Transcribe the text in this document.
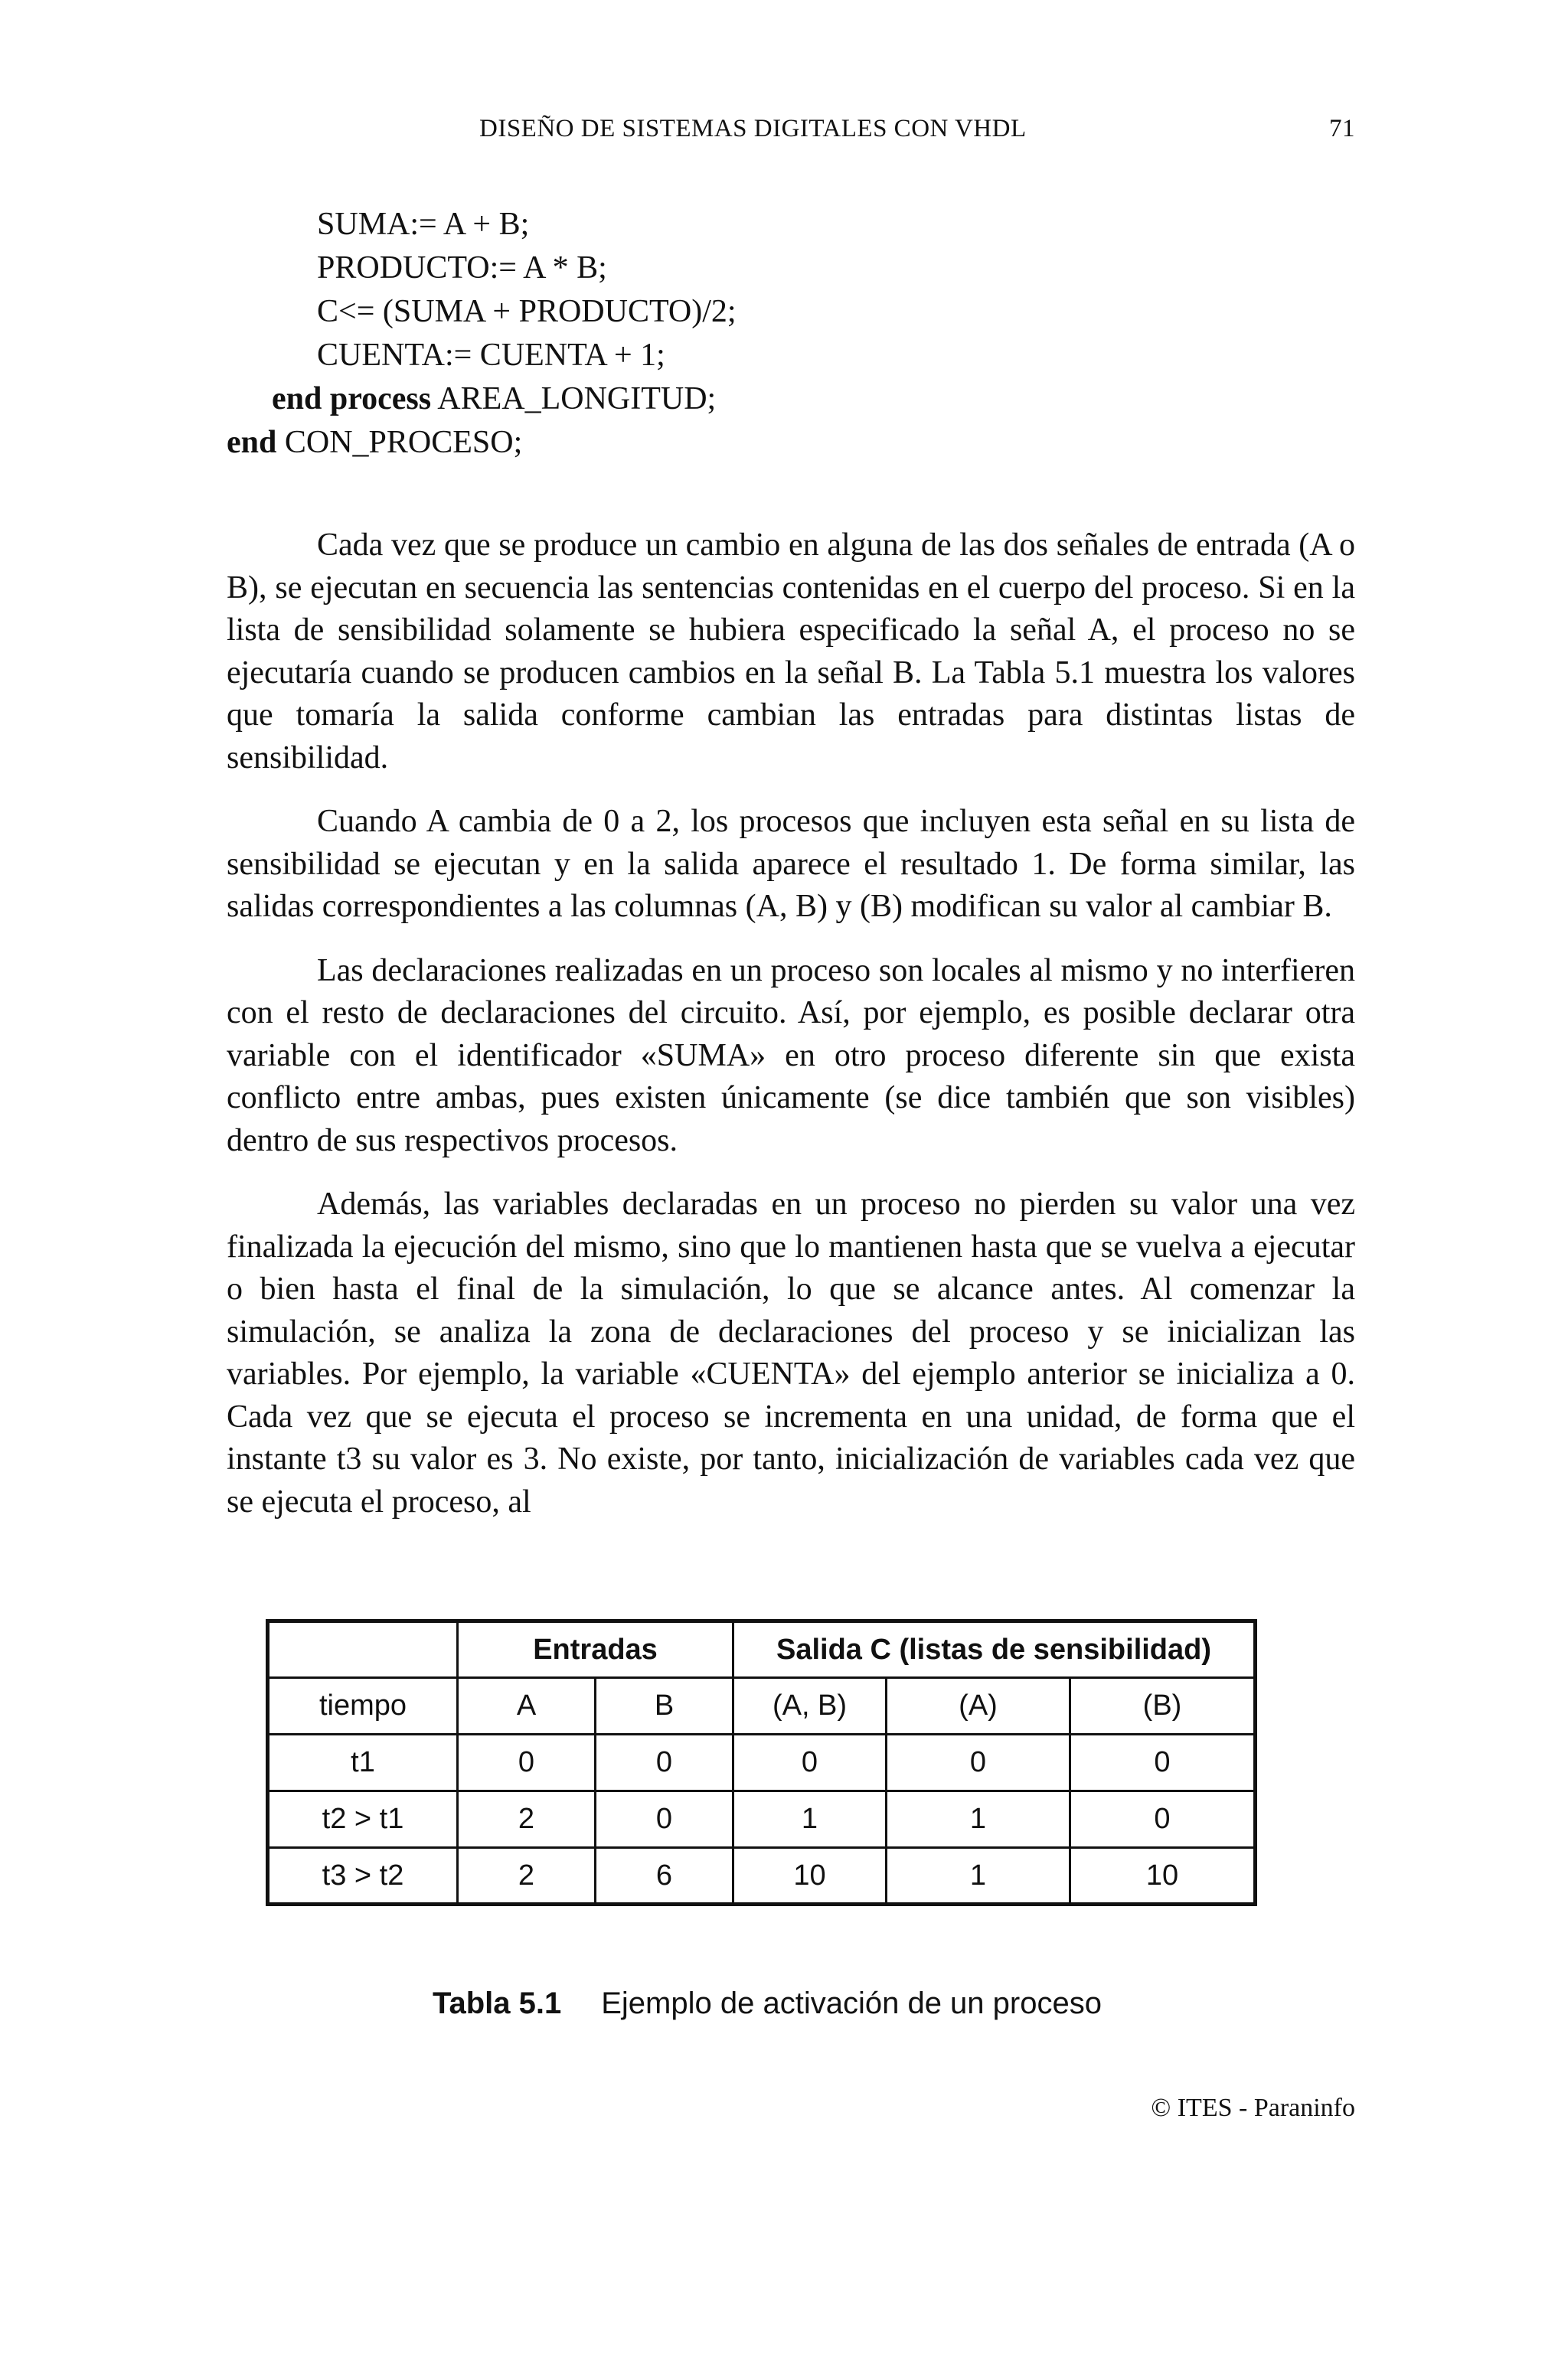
DISEÑO DE SISTEMAS DIGITALES CON VHDL	71
SUMA:= A + B;
PRODUCTO:= A * B;
C<= (SUMA + PRODUCTO)/2;
CUENTA:= CUENTA + 1;
end process AREA_LONGITUD;
end CON_PROCESO;

Cada vez que se produce un cambio en alguna de las dos señales de entrada (A o B), se ejecutan en secuencia las sentencias contenidas en el cuerpo del proceso. Si en la lista de sensibilidad solamente se hubiera especificado la señal A, el proceso no se ejecutaría cuando se producen cambios en la señal B. La Tabla 5.1 muestra los valores que tomaría la salida conforme cambian las entradas para distintas listas de sensibilidad.

Cuando A cambia de 0 a 2, los procesos que incluyen esta señal en su lista de sensibilidad se ejecutan y en la salida aparece el resultado 1. De forma similar, las salidas correspondientes a las columnas (A, B) y (B) modifican su valor al cambiar B.

Las declaraciones realizadas en un proceso son locales al mismo y no interfieren con el resto de declaraciones del circuito. Así, por ejemplo, es posible declarar otra variable con el identificador «SUMA» en otro proceso diferente sin que exista conflicto entre ambas, pues existen únicamente (se dice también que son visibles) dentro de sus respectivos procesos.

Además, las variables declaradas en un proceso no pierden su valor una vez finalizada la ejecución del mismo, sino que lo mantienen hasta que se vuelva a ejecutar o bien hasta el final de la simulación, lo que se alcance antes. Al comenzar la simulación, se analiza la zona de declaraciones del proceso y se inicializan las variables. Por ejemplo, la variable «CUENTA» del ejemplo anterior se inicializa a 0. Cada vez que se ejecuta el proceso se incrementa en una unidad, de forma que el instante t3 su valor es 3. No existe, por tanto, inicialización de variables cada vez que se ejecuta el proceso, al

	Entradas		Salida C (listas de sensibilidad)		
tiempo	A	B	(A, B)	(A)	(B)
t1	0	0	0	0	0
t2 > t1	2	0	1	1	0
t3 > t2	2	6	10	1	10
Tabla 5.1 Ejemplo de activación de un proceso
© ITES - Paraninfo
